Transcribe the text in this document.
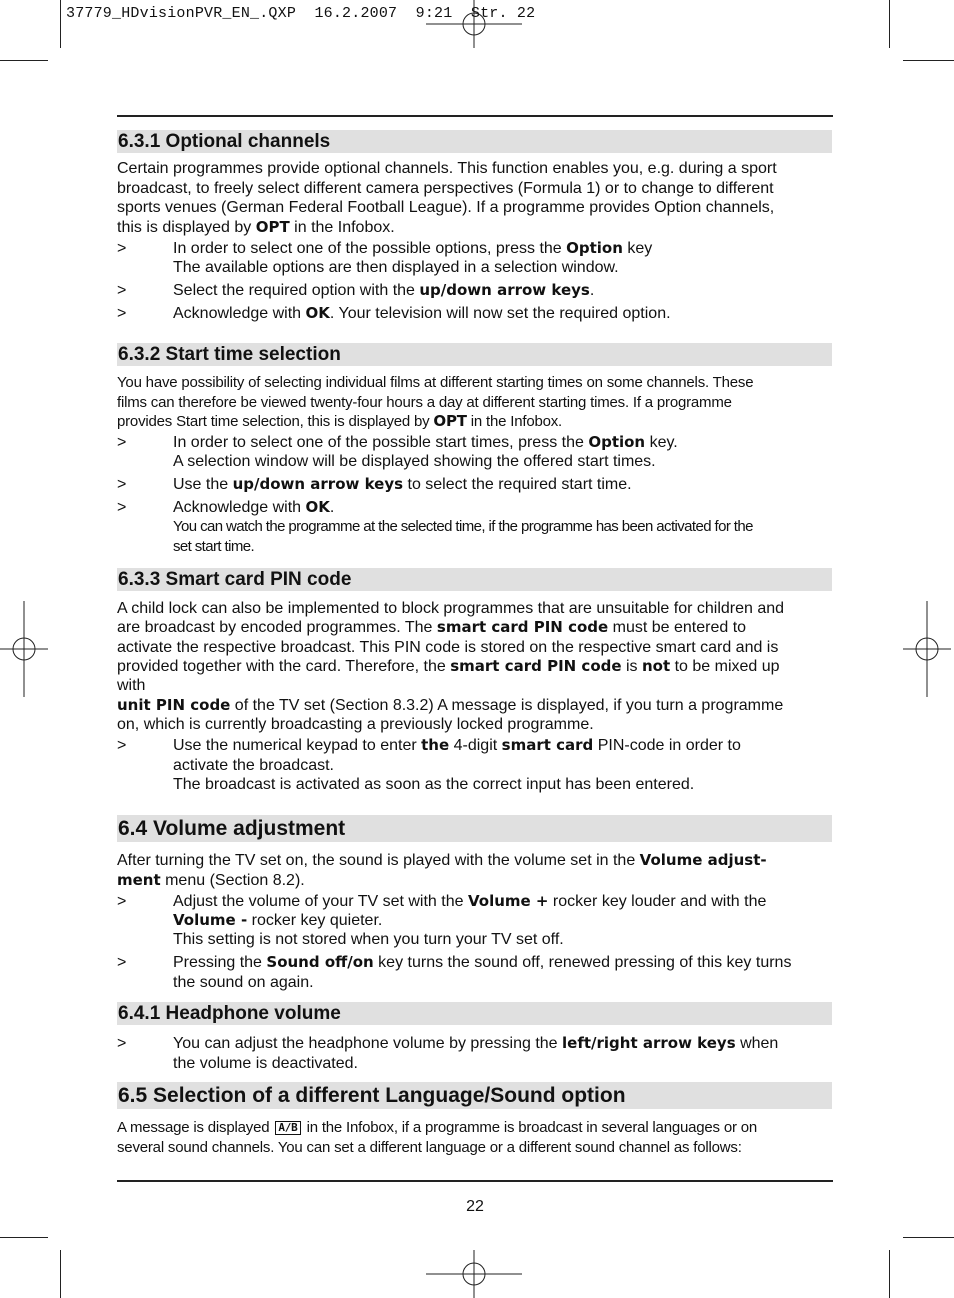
37779_HDvisionPVR_EN_.QXP  16.2.2007  9:21  Str. 22
6.3.1 Optional channels
Certain programmes provide optional channels. This function enables you, e.g. during a sport
broadcast, to freely select different camera perspectives (Formula 1) or to change to different
sports venues (German Federal Football League). If a programme provides Option channels,
this is displayed by OPT in the Infobox.
>	In order to select one of the possible options, press the Option key
The available options are then displayed in a selection window.
>	Select the required option with the up/down arrow keys.
>	Acknowledge with OK. Your television will now set the required option.
6.3.2 Start time selection
You have possibility of selecting individual films at different starting times on some channels. These
films can therefore be viewed twenty-four hours a day at different starting times. If a programme
provides Start time selection, this is displayed by OPT in the Infobox.
>	In order to select one of the possible start times, press the Option key.
A selection window will be displayed showing the offered start times.
>	Use the up/down arrow keys to select the required start time.
>	Acknowledge with OK.
You can watch the programme at the selected time, if the programme has been activated for the
set start time.
6.3.3 Smart card PIN code
A child lock can also be implemented to block programmes that are unsuitable for children and
are broadcast by encoded programmes. The smart card PIN code must be entered to
activate the respective broadcast. This PIN code is stored on the respective smart card and is
provided together with the card. Therefore, the smart card PIN code is not to be mixed up
with
unit PIN code of the TV set (Section 8.3.2) A message is displayed, if you turn a programme
on, which is currently broadcasting a previously locked programme.
>	Use the numerical keypad to enter the 4-digit smart card PIN-code in order to
activate the broadcast.
The broadcast is activated as soon as the correct input has been entered.
6.4 Volume adjustment
After turning the TV set on, the sound is played with the volume set in the Volume adjust-
ment menu (Section 8.2).
>	Adjust the volume of your TV set with the Volume + rocker key louder and with the
Volume - rocker key quieter.
This setting is not stored when you turn your TV set off.
>	Pressing the Sound off/on key turns the sound off, renewed pressing of this key turns
the sound on again.
6.4.1 Headphone volume
>	You can adjust the headphone volume by pressing the left/right arrow keys when
the volume is deactivated.
6.5 Selection of a different Language/Sound option
A message is displayed A/B in the Infobox, if a programme is broadcast in several languages or on
several sound channels. You can set a different language or a different sound channel as follows:
22
